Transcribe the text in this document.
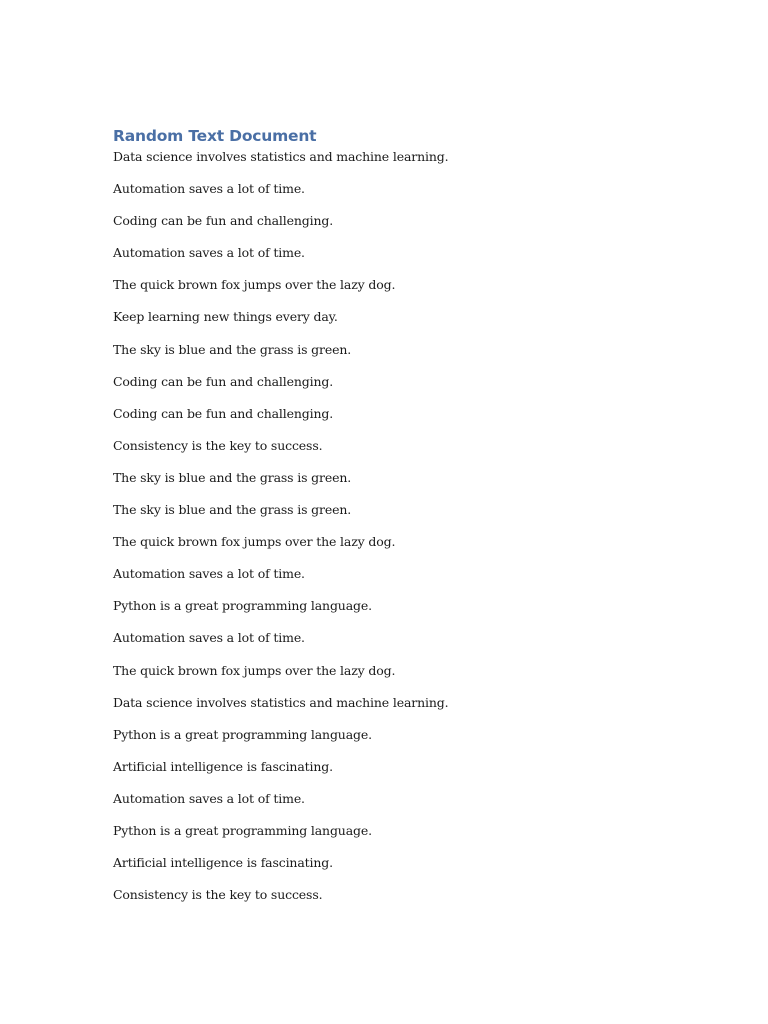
Random Text Document

Data science involves statistics and machine learning.

Automation saves a lot of time.

Coding can be fun and challenging.

Automation saves a lot of time.

The quick brown fox jumps over the lazy dog.

Keep learning new things every day.

The sky is blue and the grass is green.

Coding can be fun and challenging.

Coding can be fun and challenging.

Consistency is the key to success.

The sky is blue and the grass is green.

The sky is blue and the grass is green.

The quick brown fox jumps over the lazy dog.

Automation saves a lot of time.

Python is a great programming language.

Automation saves a lot of time.

The quick brown fox jumps over the lazy dog.

Data science involves statistics and machine learning.

Python is a great programming language.

Artificial intelligence is fascinating.

Automation saves a lot of time.

Python is a great programming language.

Artificial intelligence is fascinating.

Consistency is the key to success.
